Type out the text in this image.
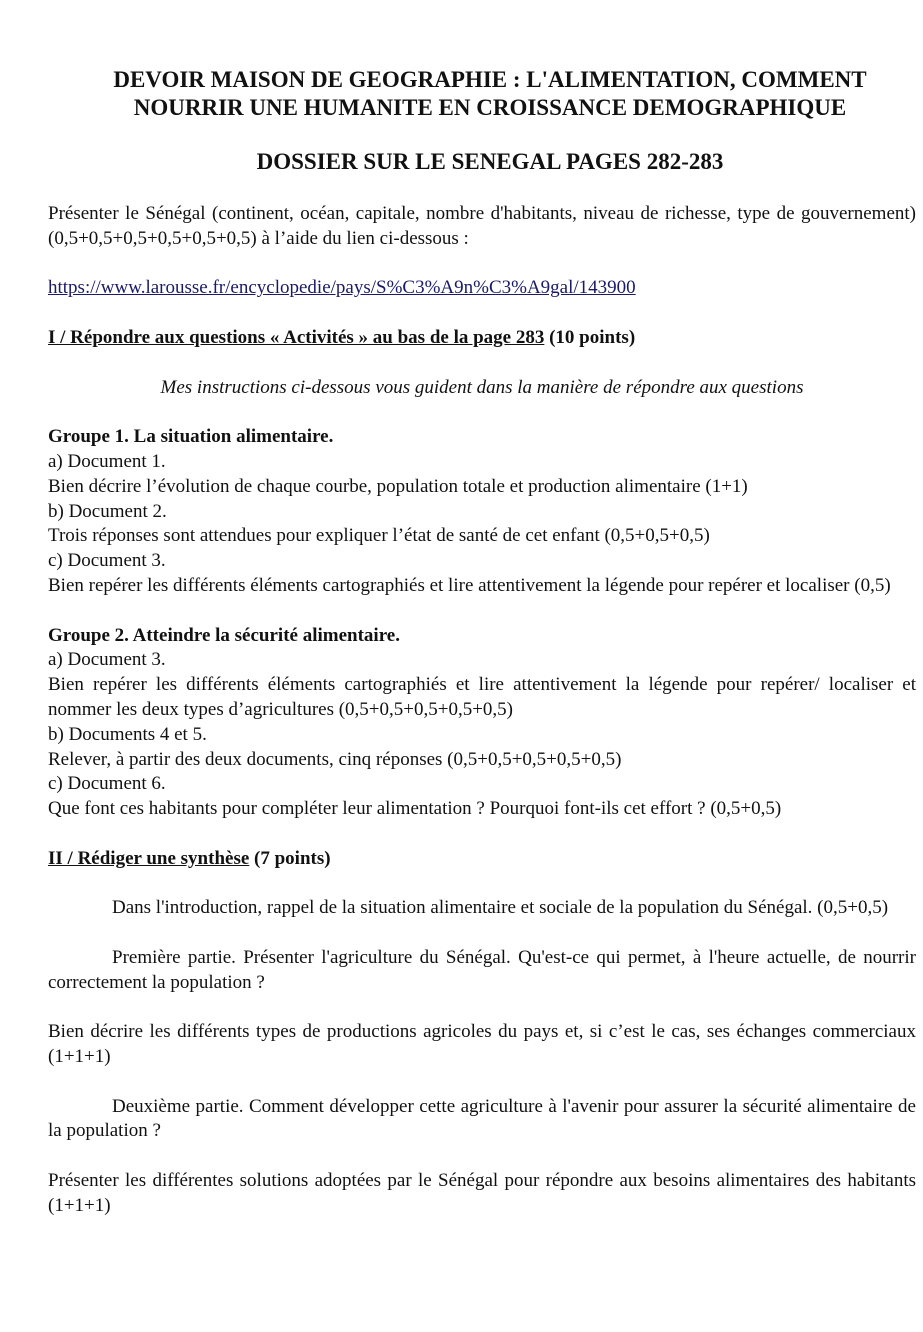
DEVOIR MAISON DE GEOGRAPHIE : L'ALIMENTATION, COMMENT
NOURRIR UNE HUMANITE EN CROISSANCE DEMOGRAPHIQUE
DOSSIER SUR LE SENEGAL PAGES 282-283

Présenter le Sénégal (continent, océan, capitale, nombre d'habitants, niveau de richesse, type de gouvernement) (0,5+0,5+0,5+0,5+0,5+0,5) à l’aide du lien ci-dessous :

https://www.larousse.fr/encyclopedie/pays/S%C3%A9n%C3%A9gal/143900

I / Répondre aux questions « Activités » au bas de la page 283 (10 points)

Mes instructions ci-dessous vous guident dans la manière de répondre aux questions

Groupe 1. La situation alimentaire.

a) Document 1.

Bien décrire l’évolution de chaque courbe, population totale et production alimentaire (1+1)

b) Document 2.

Trois réponses sont attendues pour expliquer l’état de santé de cet enfant (0,5+0,5+0,5)

c) Document 3.

Bien repérer les différents éléments cartographiés et lire attentivement la légende pour repérer et localiser (0,5)

Groupe 2. Atteindre la sécurité alimentaire.

a) Document 3.

Bien repérer les différents éléments cartographiés et lire attentivement la légende pour repérer/ localiser et nommer les deux types d’agricultures (0,5+0,5+0,5+0,5+0,5)

b) Documents 4 et 5.

Relever, à partir des deux documents, cinq réponses (0,5+0,5+0,5+0,5+0,5)

c) Document 6.

Que font ces habitants pour compléter leur alimentation ? Pourquoi font-ils cet effort ? (0,5+0,5)

II / Rédiger une synthèse (7 points)

Dans l'introduction, rappel de la situation alimentaire et sociale de la population du Sénégal. (0,5+0,5)

Première partie. Présenter l'agriculture du Sénégal. Qu'est-ce qui permet, à l'heure actuelle, de nourrir correctement la population ?

Bien décrire les différents types de productions agricoles du pays et, si c’est le cas, ses échanges commerciaux (1+1+1)

Deuxième partie. Comment développer cette agriculture à l'avenir pour assurer la sécurité alimentaire de la population ?

Présenter les différentes solutions adoptées par le Sénégal pour répondre aux besoins alimentaires des habitants (1+1+1)
